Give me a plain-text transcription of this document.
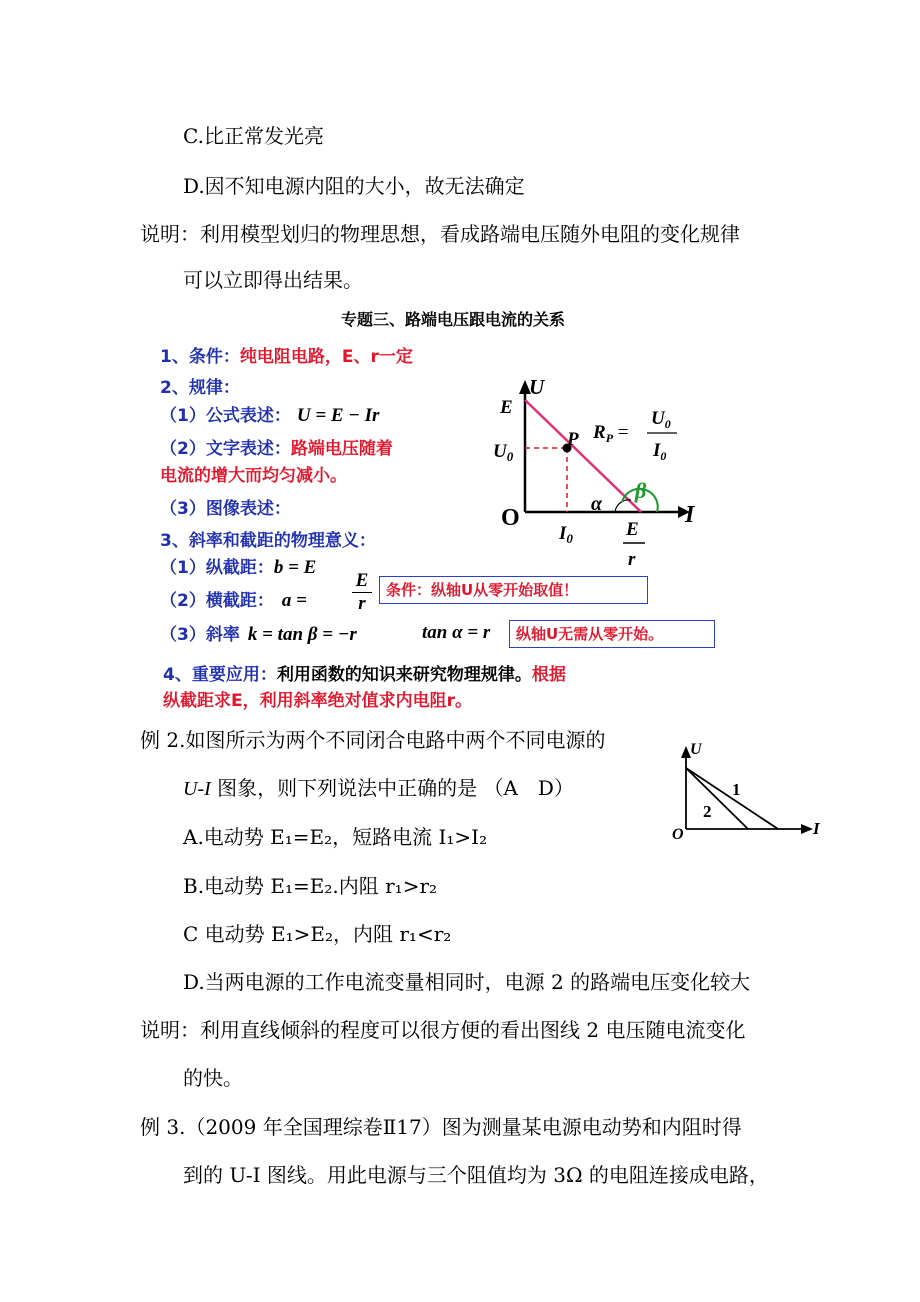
C.比正常发光亮
D.因不知电源内阻的大小，故无法确定
说明：利用模型划归的物理思想，看成路端电压随外电阻的变化规律
可以立即得出结果。
专题三、路端电压跟电流的关系
1、条件：纯电阻电路，E、r一定
2、规律：
（1）公式表述： U = E − Ir
（2）文字表述：路端电压随着
电流的增大而均匀减小。
（3）图像表述：
3、斜率和截距的物理意义：
（1）纵截距：b = E
（2）横截距： a =
E
r
条件：纵轴U从零开始取值！
（3）斜率 k = tan β = −r	tan α = r	纵轴U无需从零开始。
4、重要应用：利用函数的知识来研究物理规律。根据
纵截距求E，利用斜率绝对值求内电阻r。
U
I
O
E
$U_0$
P
$I_0$
α
β
E
r
$R_P$ =
$U_0$
$I_0$
例 2.如图所示为两个不同闭合电路中两个不同电源的
U-I 图象，则下列说法中正确的是 （A　D）
A.电动势 E₁=E₂，短路电流 I₁>I₂
B.电动势 E₁=E₂.内阻 r₁>r₂
C 电动势 E₁>E₂，内阻 r₁<r₂
D.当两电源的工作电流变量相同时，电源 2 的路端电压变化较大
说明：利用直线倾斜的程度可以很方便的看出图线 2 电压随电流变化
的快。
U
I
O
1
2
例 3.（2009 年全国理综卷Ⅱ17）图为测量某电源电动势和内阻时得
到的 U-I 图线。用此电源与三个阻值均为 3Ω 的电阻连接成电路，
